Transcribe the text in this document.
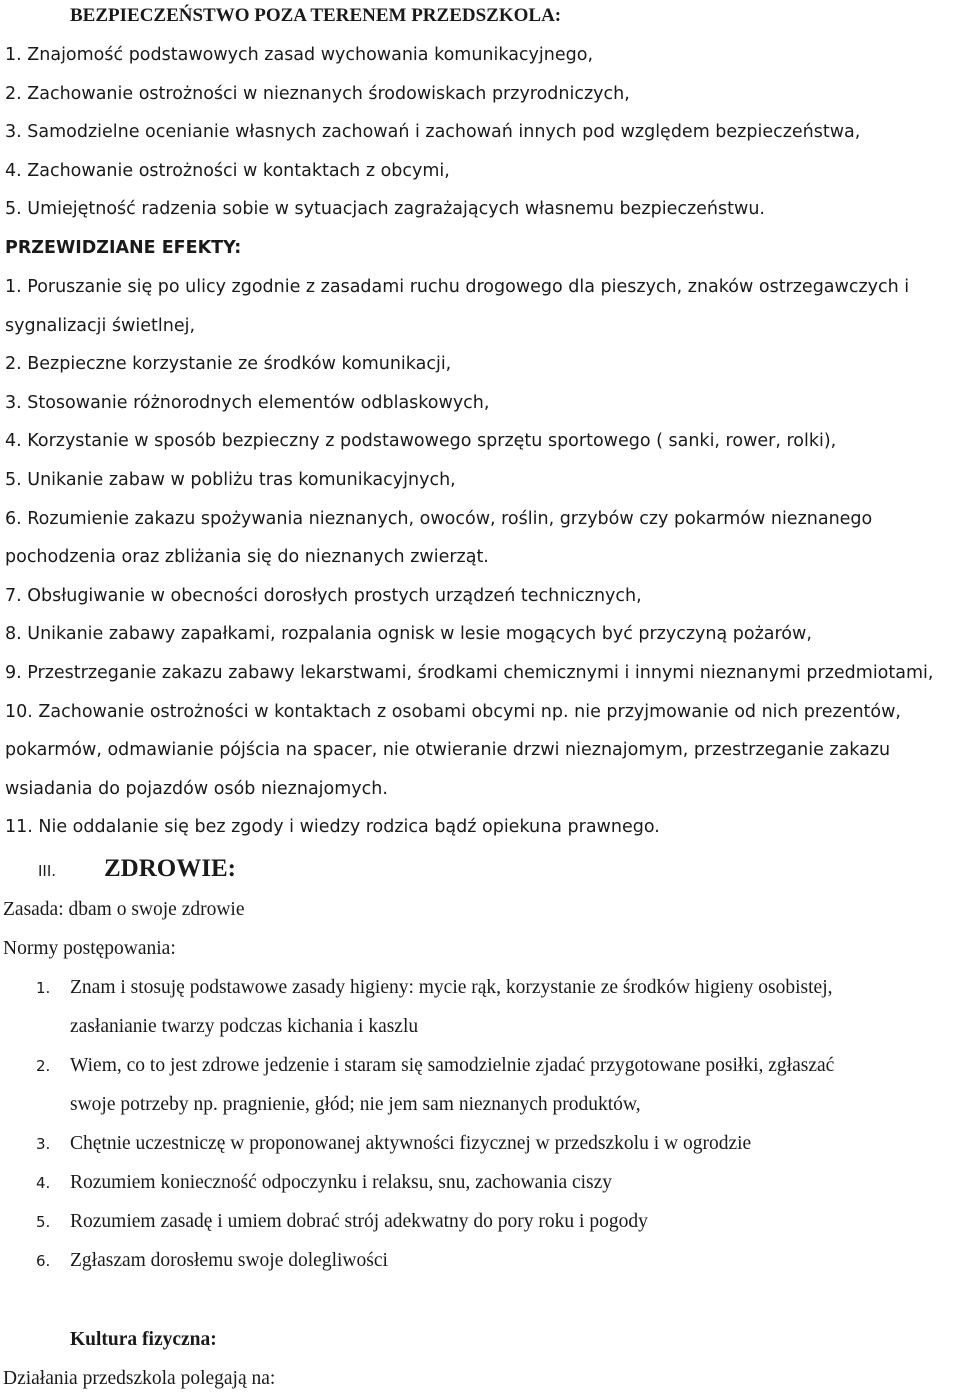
BEZPIECZEŃSTWO POZA TERENEM PRZEDSZKOLA:
1. Znajomość podstawowych zasad wychowania komunikacyjnego,
2. Zachowanie ostrożności w nieznanych środowiskach przyrodniczych,
3. Samodzielne ocenianie własnych zachowań i zachowań innych pod względem bezpieczeństwa,
4. Zachowanie ostrożności w kontaktach z obcymi,
5. Umiejętność radzenia sobie w sytuacjach zagrażających własnemu bezpieczeństwu.
PRZEWIDZIANE EFEKTY:
1. Poruszanie się po ulicy zgodnie z zasadami ruchu drogowego dla pieszych, znaków ostrzegawczych i
sygnalizacji świetlnej,
2. Bezpieczne korzystanie ze środków komunikacji,
3. Stosowanie różnorodnych elementów odblaskowych,
4. Korzystanie w sposób bezpieczny z podstawowego sprzętu sportowego ( sanki, rower, rolki),
5. Unikanie zabaw w pobliżu tras komunikacyjnych,
6. Rozumienie zakazu spożywania nieznanych, owoców, roślin, grzybów czy pokarmów nieznanego
pochodzenia oraz zbliżania się do nieznanych zwierząt.
7. Obsługiwanie w obecności dorosłych prostych urządzeń technicznych,
8. Unikanie zabawy zapałkami, rozpalania ognisk w lesie mogących być przyczyną pożarów,
9. Przestrzeganie zakazu zabawy lekarstwami, środkami chemicznymi i innymi nieznanymi przedmiotami,
10. Zachowanie ostrożności w kontaktach z osobami obcymi np. nie przyjmowanie od nich prezentów,
pokarmów, odmawianie pójścia na spacer, nie otwieranie drzwi nieznajomym, przestrzeganie zakazu
wsiadania do pojazdów osób nieznajomych.
11. Nie oddalanie się bez zgody i wiedzy rodzica bądź opiekuna prawnego.
III. ZDROWIE:
Zasada: dbam o swoje zdrowie
Normy postępowania:
1. Znam i stosuję podstawowe zasady higieny: mycie rąk, korzystanie ze środków higieny osobistej,
zasłanianie twarzy podczas kichania i kaszlu
2. Wiem, co to jest zdrowe jedzenie i staram się samodzielnie zjadać przygotowane posiłki, zgłaszać
swoje potrzeby np. pragnienie, głód; nie jem sam nieznanych produktów,
3. Chętnie uczestniczę w proponowanej aktywności fizycznej w przedszkolu i w ogrodzie
4. Rozumiem konieczność odpoczynku i relaksu, snu, zachowania ciszy
5. Rozumiem zasadę i umiem dobrać strój adekwatny do pory roku i pogody
6. Zgłaszam dorosłemu swoje dolegliwości
Kultura fizyczna:
Działania przedszkola polegają na:
